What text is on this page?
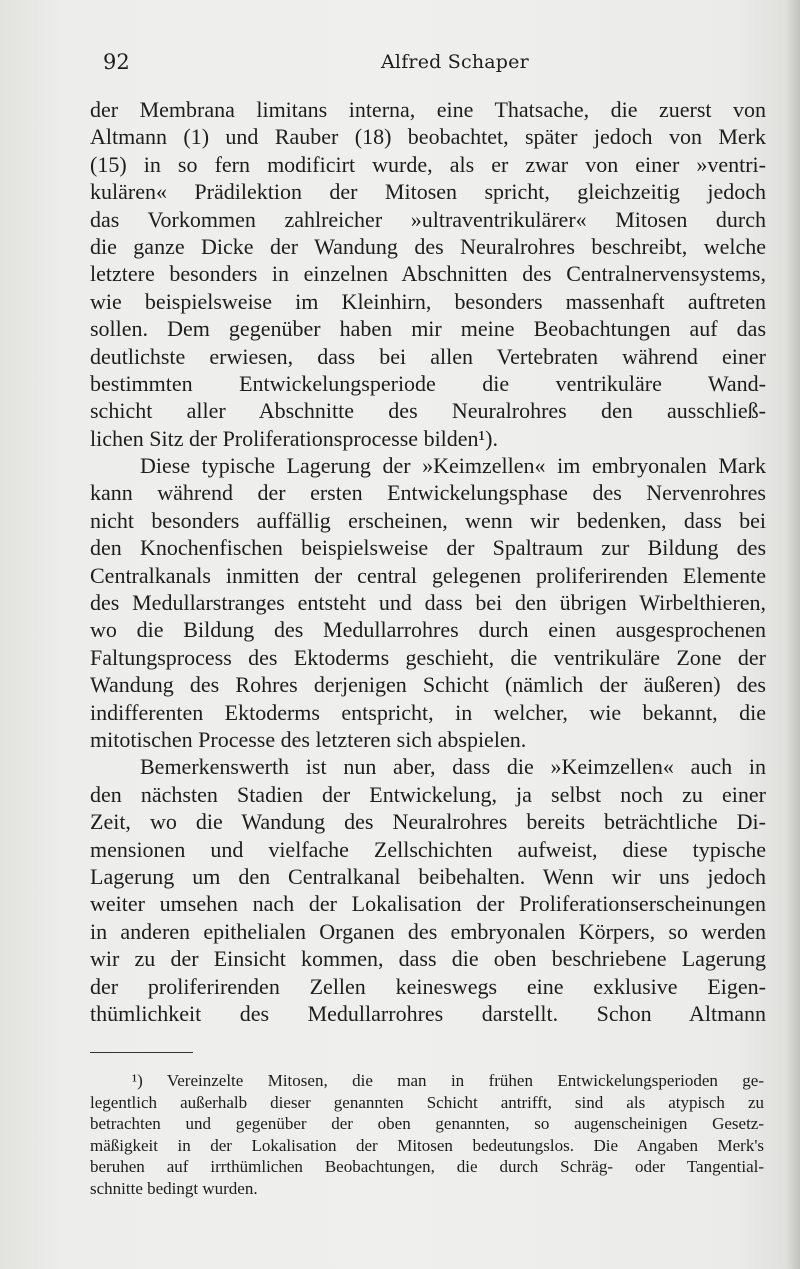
92	Alfred Schaper
der Membrana limitans interna, eine Thatsache, die zuerst von
Altmann (1) und Rauber (18) beobachtet, später jedoch von Merk
(15) in so fern modificirt wurde, als er zwar von einer »ventri-
kulären« Prädilektion der Mitosen spricht, gleichzeitig jedoch
das Vorkommen zahlreicher »ultraventrikulärer« Mitosen durch
die ganze Dicke der Wandung des Neuralrohres beschreibt, welche
letztere besonders in einzelnen Abschnitten des Centralnervensystems,
wie beispielsweise im Kleinhirn, besonders massenhaft auftreten
sollen. Dem gegenüber haben mir meine Beobachtungen auf das
deutlichste erwiesen, dass bei allen Vertebraten während einer
bestimmten Entwickelungsperiode die ventrikuläre Wand-
schicht aller Abschnitte des Neuralrohres den ausschließ-
lichen Sitz der Proliferationsprocesse bilden¹).
Diese typische Lagerung der »Keimzellen« im embryonalen Mark
kann während der ersten Entwickelungsphase des Nervenrohres
nicht besonders auffällig erscheinen, wenn wir bedenken, dass bei
den Knochenfischen beispielsweise der Spaltraum zur Bildung des
Centralkanals inmitten der central gelegenen proliferirenden Elemente
des Medullarstranges entsteht und dass bei den übrigen Wirbelthieren,
wo die Bildung des Medullarrohres durch einen ausgesprochenen
Faltungsprocess des Ektoderms geschieht, die ventrikuläre Zone der
Wandung des Rohres derjenigen Schicht (nämlich der äußeren) des
indifferenten Ektoderms entspricht, in welcher, wie bekannt, die
mitotischen Processe des letzteren sich abspielen.
Bemerkenswerth ist nun aber, dass die »Keimzellen« auch in
den nächsten Stadien der Entwickelung, ja selbst noch zu einer
Zeit, wo die Wandung des Neuralrohres bereits beträchtliche Di-
mensionen und vielfache Zellschichten aufweist, diese typische
Lagerung um den Centralkanal beibehalten. Wenn wir uns jedoch
weiter umsehen nach der Lokalisation der Proliferationserscheinungen
in anderen epithelialen Organen des embryonalen Körpers, so werden
wir zu der Einsicht kommen, dass die oben beschriebene Lagerung
der proliferirenden Zellen keineswegs eine exklusive Eigen-
thümlichkeit des Medullarrohres darstellt. Schon Altmann
¹) Vereinzelte Mitosen, die man in frühen Entwickelungsperioden ge-
legentlich außerhalb dieser genannten Schicht antrifft, sind als atypisch zu
betrachten und gegenüber der oben genannten, so augenscheinigen Gesetz-
mäßigkeit in der Lokalisation der Mitosen bedeutungslos. Die Angaben Merk's
beruhen auf irrthümlichen Beobachtungen, die durch Schräg- oder Tangential-
schnitte bedingt wurden.
